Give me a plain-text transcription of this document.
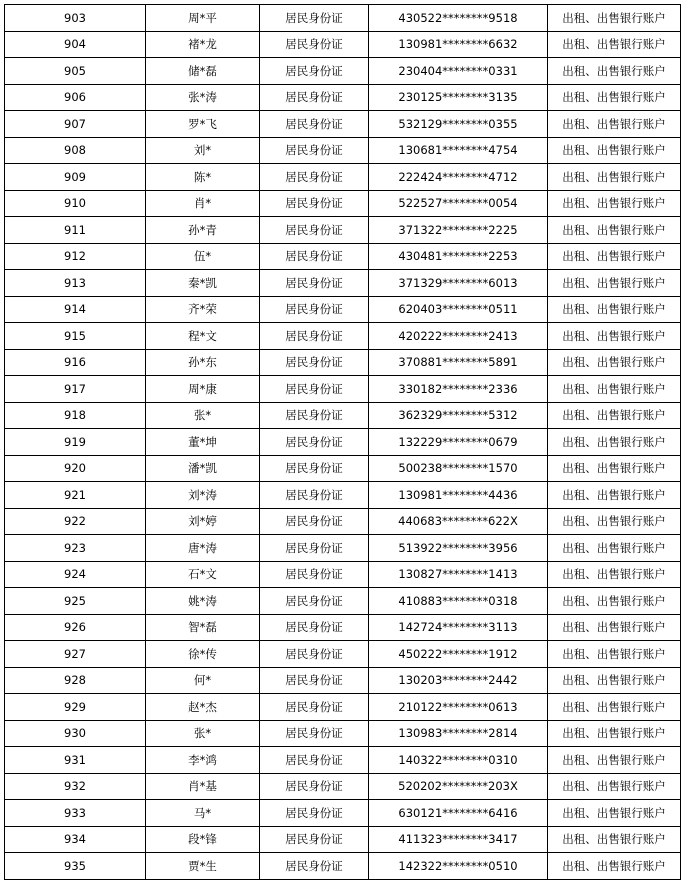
903	周*平	居民身份证	430522********9518	出租、出售银行账户
904	褚*龙	居民身份证	130981********6632	出租、出售银行账户
905	储*磊	居民身份证	230404********0331	出租、出售银行账户
906	张*涛	居民身份证	230125********3135	出租、出售银行账户
907	罗*飞	居民身份证	532129********0355	出租、出售银行账户
908	刘*	居民身份证	130681********4754	出租、出售银行账户
909	陈*	居民身份证	222424********4712	出租、出售银行账户
910	肖*	居民身份证	522527********0054	出租、出售银行账户
911	孙*青	居民身份证	371322********2225	出租、出售银行账户
912	伍*	居民身份证	430481********2253	出租、出售银行账户
913	秦*凯	居民身份证	371329********6013	出租、出售银行账户
914	齐*荣	居民身份证	620403********0511	出租、出售银行账户
915	程*文	居民身份证	420222********2413	出租、出售银行账户
916	孙*东	居民身份证	370881********5891	出租、出售银行账户
917	周*康	居民身份证	330182********2336	出租、出售银行账户
918	张*	居民身份证	362329********5312	出租、出售银行账户
919	董*坤	居民身份证	132229********0679	出租、出售银行账户
920	潘*凯	居民身份证	500238********1570	出租、出售银行账户
921	刘*涛	居民身份证	130981********4436	出租、出售银行账户
922	刘*婷	居民身份证	440683********622X	出租、出售银行账户
923	唐*涛	居民身份证	513922********3956	出租、出售银行账户
924	石*文	居民身份证	130827********1413	出租、出售银行账户
925	姚*涛	居民身份证	410883********0318	出租、出售银行账户
926	智*磊	居民身份证	142724********3113	出租、出售银行账户
927	徐*传	居民身份证	450222********1912	出租、出售银行账户
928	何*	居民身份证	130203********2442	出租、出售银行账户
929	赵*杰	居民身份证	210122********0613	出租、出售银行账户
930	张*	居民身份证	130983********2814	出租、出售银行账户
931	李*鸿	居民身份证	140322********0310	出租、出售银行账户
932	肖*基	居民身份证	520202********203X	出租、出售银行账户
933	马*	居民身份证	630121********6416	出租、出售银行账户
934	段*锋	居民身份证	411323********3417	出租、出售银行账户
935	贾*生	居民身份证	142322********0510	出租、出售银行账户
